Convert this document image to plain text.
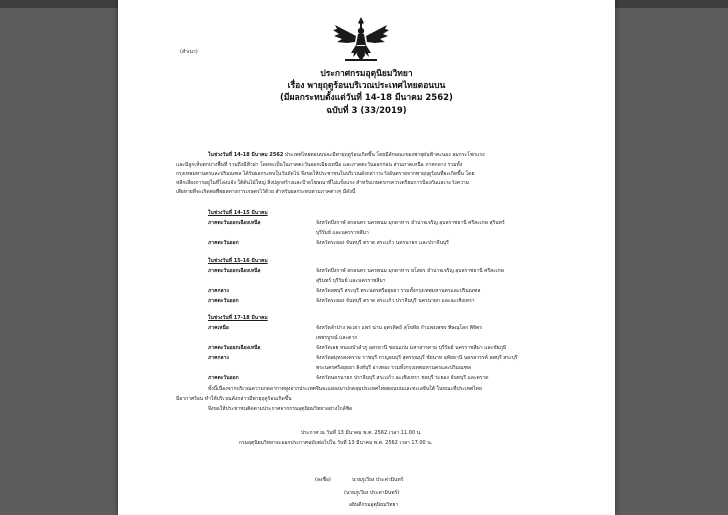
(สำเนา)
ประกาศกรมอุตุนิยมวิทยา
เรื่อง พายุฤดูร้อนบริเวณประเทศไทยตอนบน
(มีผลกระทบตั้งแต่วันที่ 14-18 มีนาคม 2562)
ฉบับที่ 3 (33/2019)
ในช่วงวันที่ 14-18 มีนาคม 2562 ประเทศไทยตอนบนจะมีพายุฤดูร้อนเกิดขึ้น โดยมีลักษณะของพายุฝนฟ้าคะนอง ลมกระโชกแรง
และมีลูกเห็บตกบางพื้นที่ รวมถึงมีฟ้าผ่า โดยจะเป็นในภาคตะวันออกเฉียงเหนือ และภาคตะวันออกก่อน ส่วนภาคเหนือ ภาคกลาง รวมทั้ง
กรุงเทพมหานครและปริมณฑล ได้รับผลกระทบในวันถัดไป จึงขอให้ประชาชนในบริเวณดังกล่าวระวังอันตรายจากพายุฤดูร้อนที่จะเกิดขึ้น โดย
หลีกเลี่ยงการอยู่ในที่โล่งแจ้ง ใต้ต้นไม้ใหญ่ สิ่งปลูกสร้างและป้ายโฆษณาที่ไม่แข็งแรง สำหรับเกษตรกรควรเตรียมการป้องกันและระวังความ
เสียหายที่จะเกิดต่อพืชผลทางการเกษตรไว้ด้วย สำหรับผลกระทบตามภาคต่างๆ มีดังนี้
ในช่วงวันที่ 14-15 มีนาคม
ภาคตะวันออกเฉียงเหนือ	จังหวัดบึงกาฬ สกลนคร นครพนม มุกดาหาร อำนาจเจริญ อุบลราชธานี ศรีสะเกษ สุรินทร์
บุรีรัมย์ และนครราชสีมา
ภาคตะวันออก	จังหวัดระยอง จันทบุรี ตราด สระแก้ว นครนายก และปราจีนบุรี
ในช่วงวันที่ 15-16 มีนาคม
ภาคตะวันออกเฉียงเหนือ	จังหวัดบึงกาฬ สกลนคร นครพนม มุกดาหาร ยโสธร อำนาจเจริญ อุบลราชธานี ศรีสะเกษ
สุรินทร์ บุรีรัมย์ และนครราชสีมา
ภาคกลาง	จังหวัดลพบุรี สระบุรี พระนครศรีอยุธยา รวมทั้งกรุงเทพมหานครและปริมณฑล
ภาคตะวันออก	จังหวัดระยอง จันทบุรี ตราด สระแก้ว ปราจีนบุรี นครนายก และฉะเชิงเทรา
ในช่วงวันที่ 17-18 มีนาคม
ภาคเหนือ	จังหวัดลำปาง พะเยา แพร่ น่าน อุตรดิตถ์ สุโขทัย กำแพงเพชร พิษณุโลก พิจิตร
เพชรบูรณ์ และตาก
ภาคตะวันออกเฉียงเหนือ	จังหวัดเลย หนองบัวลำภู อุดรธานี ขอนแก่น มหาสารคาม บุรีรัมย์ นครราชสีมา และชัยภูมิ
ภาคกลาง	จังหวัดสมุทรสงคราม ราชบุรี กาญจนบุรี สุพรรณบุรี ชัยนาท อุทัยธานี นครสวรรค์ ลพบุรี สระบุรี
พระนครศรีอยุธยา สิงห์บุรี อ่างทอง รวมทั้งกรุงเทพมหานครและปริมณฑล
ภาคตะวันออก	จังหวัดนครนายก ปราจีนบุรี สระแก้ว ฉะเชิงเทรา ชลบุรี ระยอง จันทบุรี และตราด
ทั้งนี้เนื่องจากบริเวณความกดอากาศสูงจากประเทศจีนจะแผ่ลงมาปกคลุมประเทศไทยตอนบนและทะเลจีนใต้ ในขณะที่ประเทศไทย
มีอากาศร้อน ทำให้บริเวณดังกล่าวมีพายุฤดูร้อนเกิดขึ้น
จึงขอให้ประชาชนติดตามประกาศจากกรมอุตุนิยมวิทยาอย่างใกล้ชิด
ประกาศ ณ วันที่ 13 มีนาคม พ.ศ. 2562 เวลา 11.00 น.
กรมอุตุนิยมวิทยาจะออกประกาศฉบับต่อไปใน วันที่ 13 มีนาคม พ.ศ. 2562 เวลา 17.00 น.
(ลงชื่อ)	นายภูเวียง ประค่ามินทร์
(นายภูเวียง ประค่ามินทร์)
อธิบดีกรมอุตุนิยมวิทยา
